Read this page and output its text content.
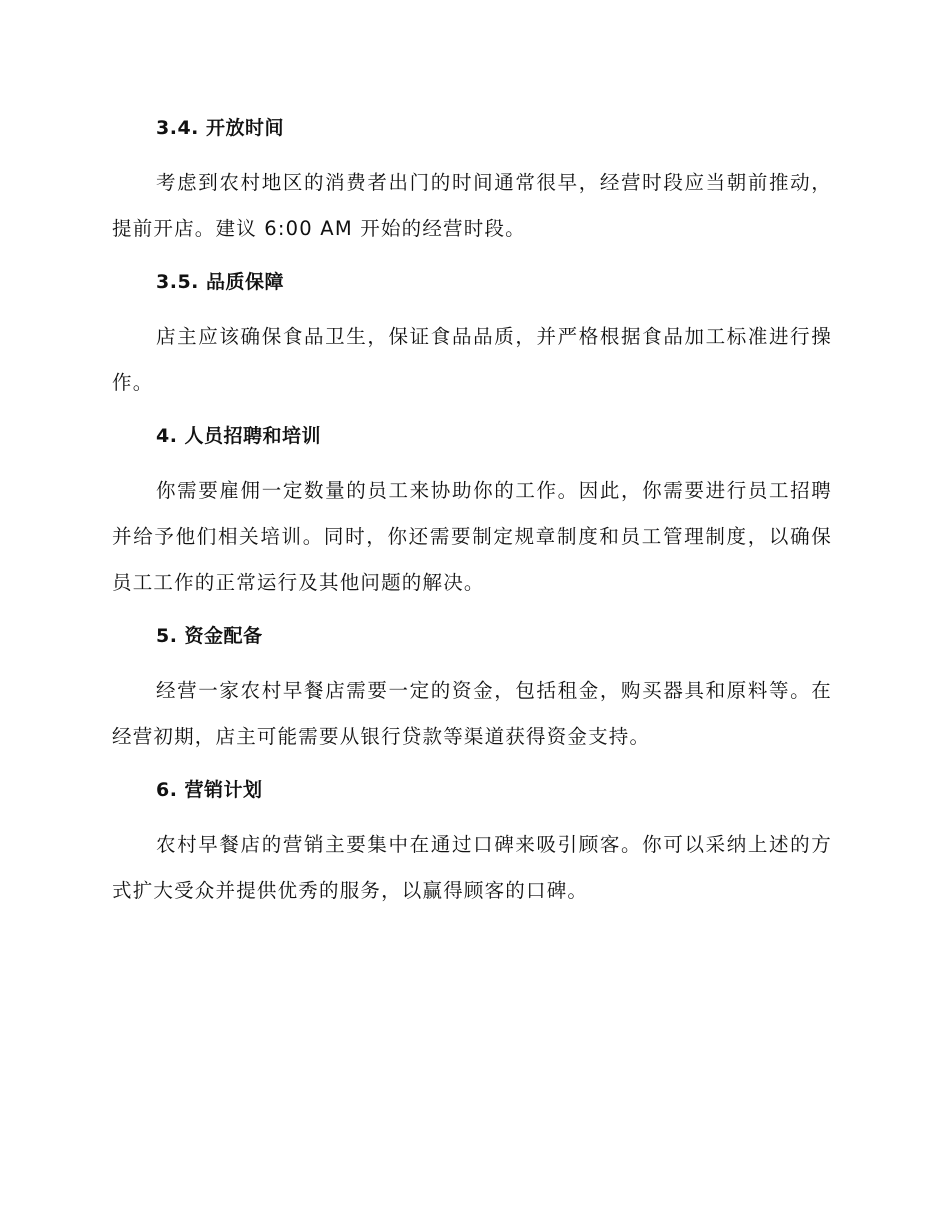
3.4. 开放时间

考虑到农村地区的消费者出门的时间通常很早，经营时段应当朝前推动，提前开店。建议 6:00 AM 开始的经营时段。

3.5. 品质保障

店主应该确保食品卫生，保证食品品质，并严格根据食品加工标准进行操作。

4. 人员招聘和培训

你需要雇佣一定数量的员工来协助你的工作。因此，你需要进行员工招聘并给予他们相关培训。同时，你还需要制定规章制度和员工管理制度，以确保员工工作的正常运行及其他问题的解决。

5. 资金配备

经营一家农村早餐店需要一定的资金，包括租金，购买器具和原料等。在经营初期，店主可能需要从银行贷款等渠道获得资金支持。

6. 营销计划

农村早餐店的营销主要集中在通过口碑来吸引顾客。你可以采纳上述的方式扩大受众并提供优秀的服务，以赢得顾客的口碑。
